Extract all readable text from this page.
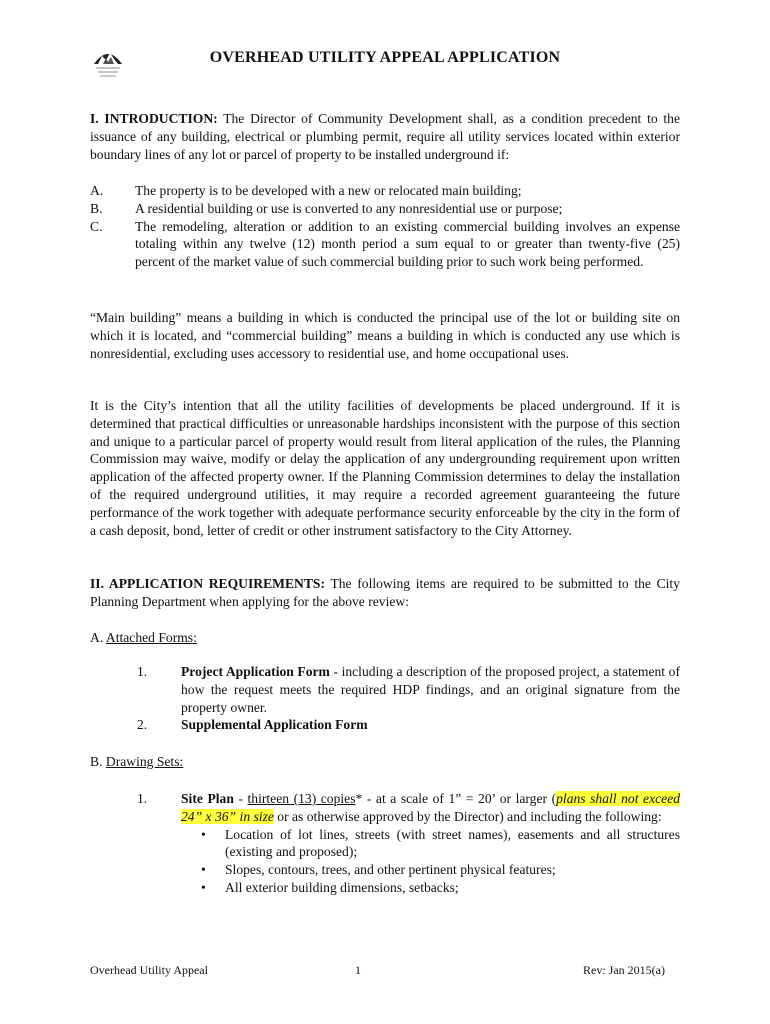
OVERHEAD UTILITY APPEAL APPLICATION
I. INTRODUCTION: The Director of Community Development shall, as a condition precedent to the issuance of any building, electrical or plumbing permit, require all utility services located within exterior boundary lines of any lot or parcel of property to be installed underground if:
A. The property is to be developed with a new or relocated main building;
B. A residential building or use is converted to any nonresidential use or purpose;
C. The remodeling, alteration or addition to an existing commercial building involves an expense totaling within any twelve (12) month period a sum equal to or greater than twenty-five (25) percent of the market value of such commercial building prior to such work being performed.
“Main building” means a building in which is conducted the principal use of the lot or building site on which it is located, and “commercial building” means a building in which is conducted any use which is nonresidential, excluding uses accessory to residential use, and home occupational uses.
It is the City’s intention that all the utility facilities of developments be placed underground. If it is determined that practical difficulties or unreasonable hardships inconsistent with the purpose of this section and unique to a particular parcel of property would result from literal application of the rules, the Planning Commission may waive, modify or delay the application of any undergrounding requirement upon written application of the affected property owner. If the Planning Commission determines to delay the installation of the required underground utilities, it may require a recorded agreement guaranteeing the future performance of the work together with adequate performance security enforceable by the city in the form of a cash deposit, bond, letter of credit or other instrument satisfactory to the City Attorney.
II. APPLICATION REQUIREMENTS: The following items are required to be submitted to the City Planning Department when applying for the above review:
A. Attached Forms:
1. Project Application Form - including a description of the proposed project, a statement of how the request meets the required HDP findings, and an original signature from the property owner.
2. Supplemental Application Form
B. Drawing Sets:
1. Site Plan - thirteen (13) copies* - at a scale of 1” = 20’ or larger (plans shall not exceed 24” x 36” in size or as otherwise approved by the Director) and including the following:
• Location of lot lines, streets (with street names), easements and all structures (existing and proposed);
• Slopes, contours, trees, and other pertinent physical features;
• All exterior building dimensions, setbacks;
Overhead Utility Appeal	1	Rev: Jan 2015(a)
